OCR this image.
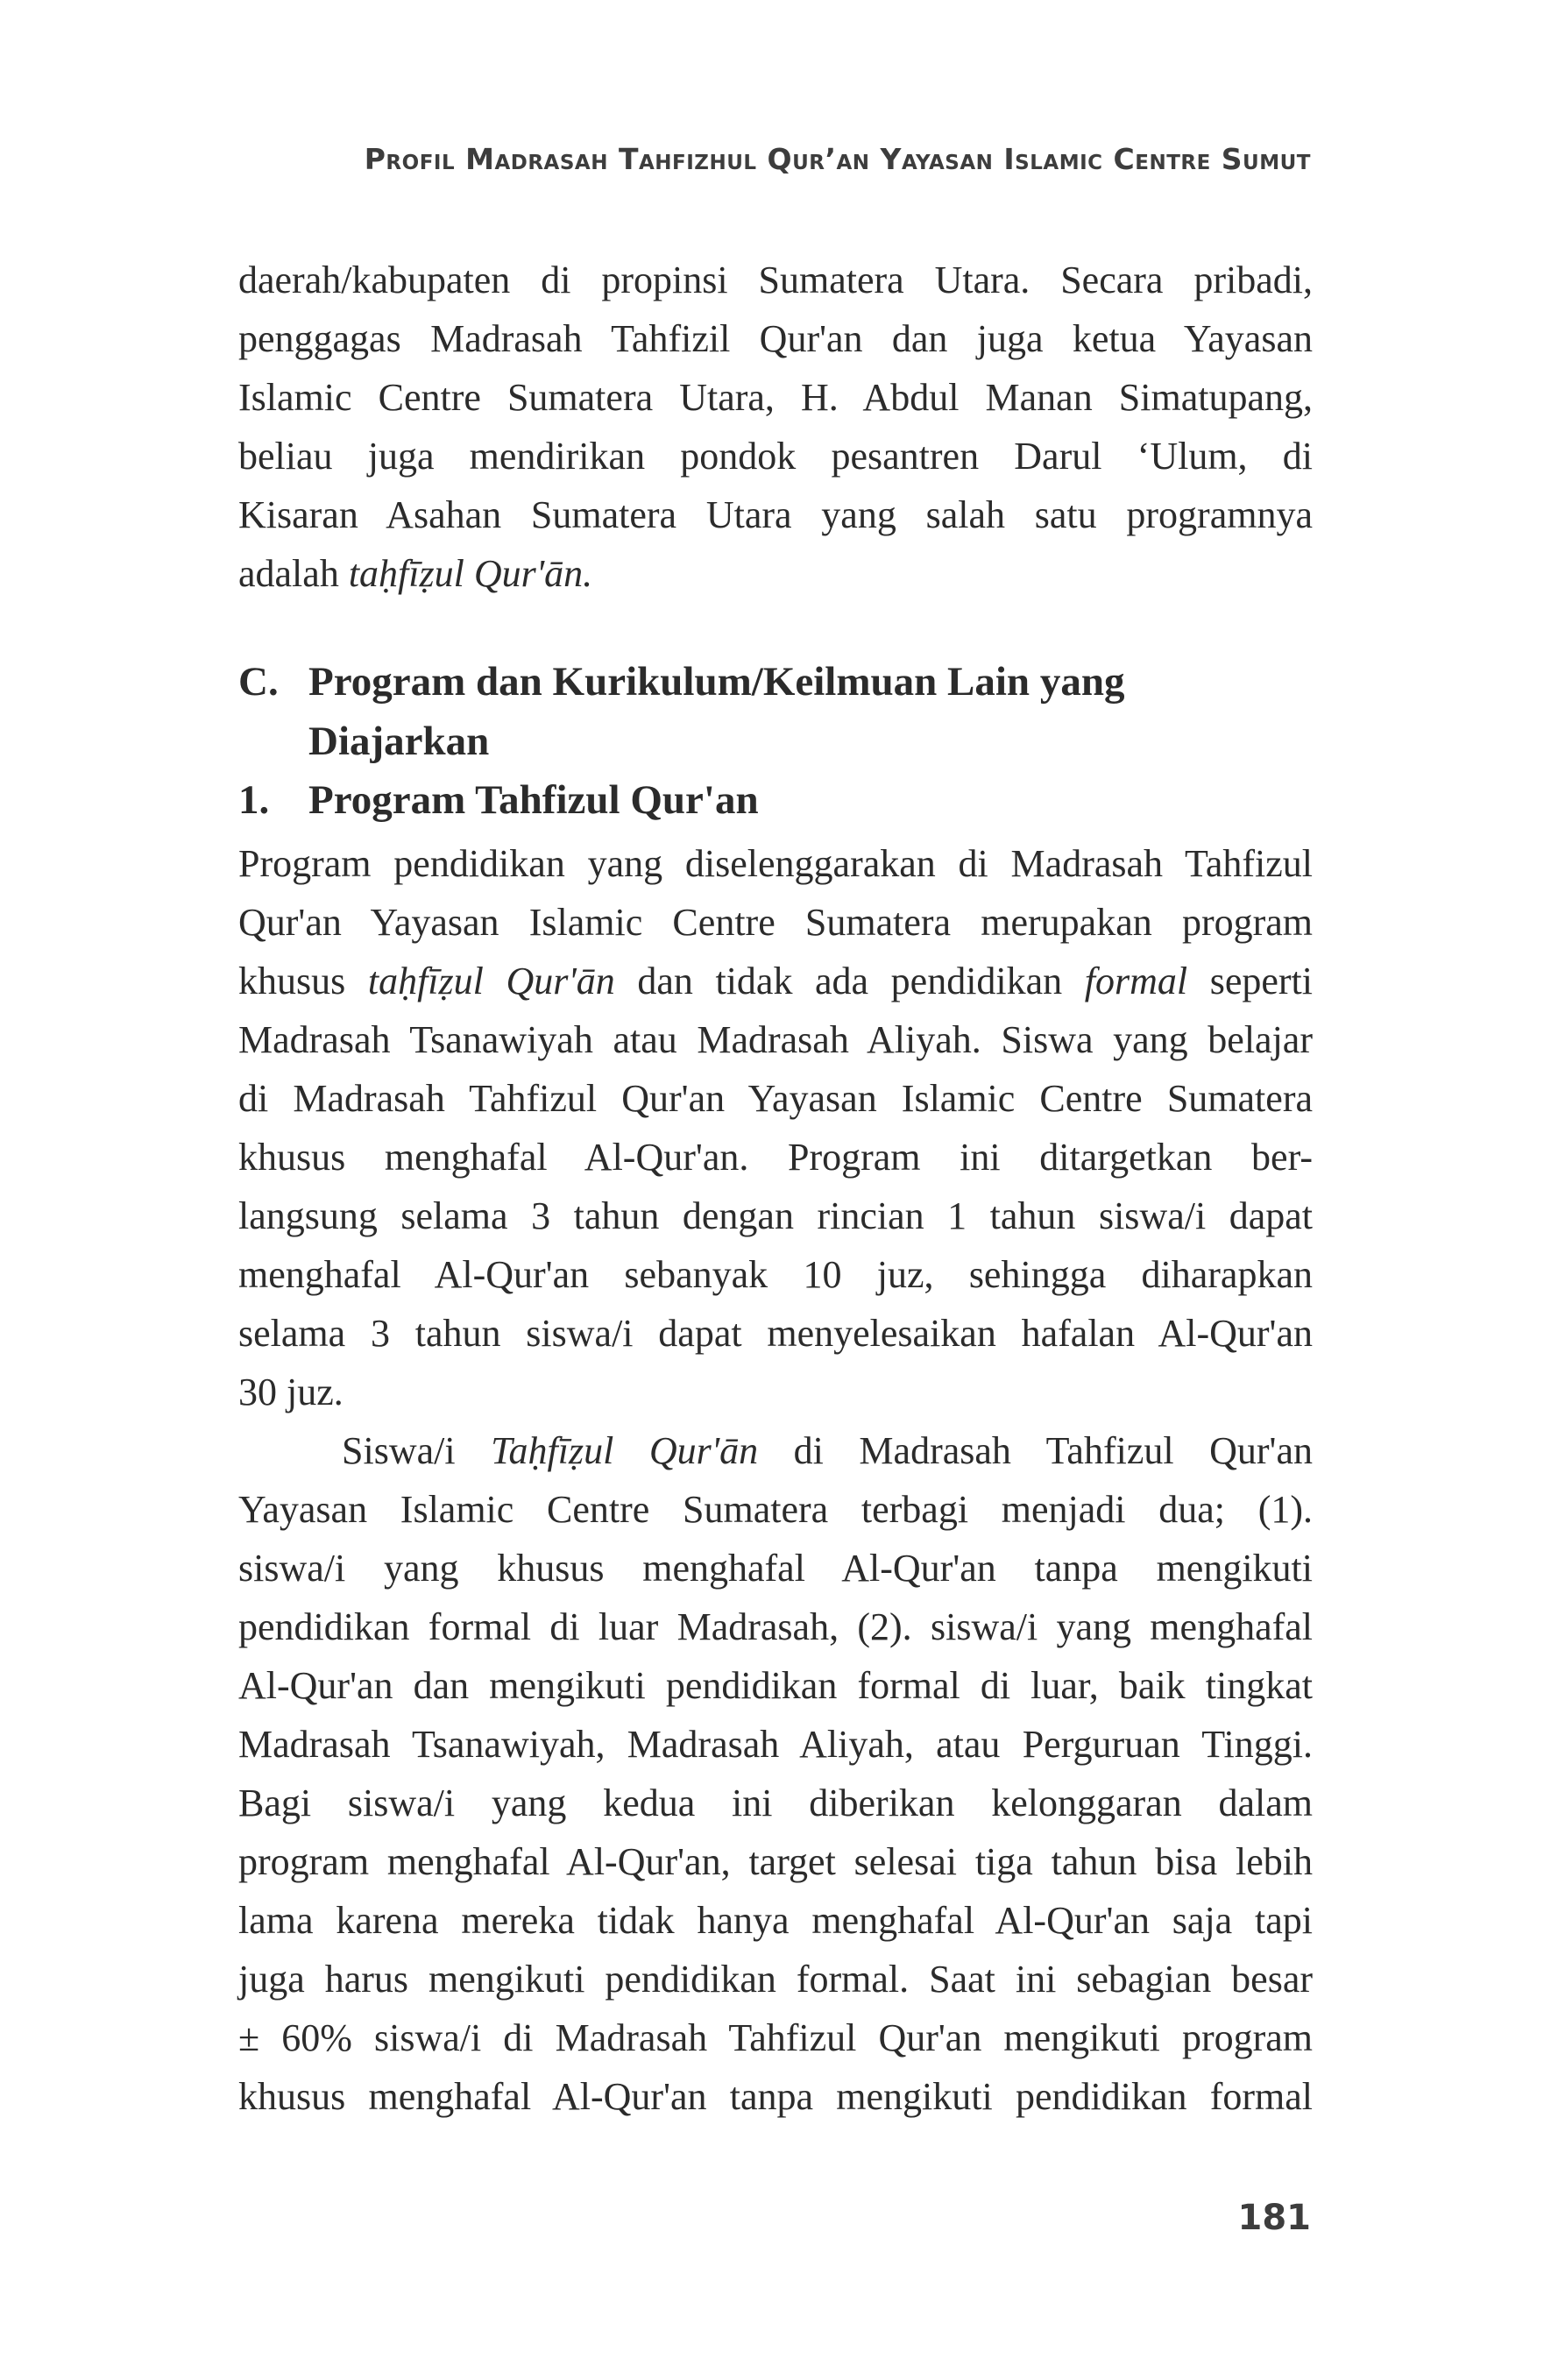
Profil Madrasah Tahfizhul Qur’an Yayasan Islamic Centre Sumut
daerah/kabupaten di propinsi Sumatera Utara. Secara pribadi,
penggagas Madrasah Tahfizil Qur'an dan juga ketua Yayasan
Islamic Centre Sumatera Utara, H. Abdul Manan Simatupang,
beliau juga mendirikan pondok pesantren Darul ‘Ulum, di
Kisaran Asahan Sumatera Utara yang salah satu programnya
adalah taḥfīẓul Qur'ān.
C. Program dan Kurikulum/Keilmuan Lain yang
Diajarkan
1. Program Tahfizul Qur'an
Program pendidikan yang diselenggarakan di Madrasah Tahfizul
Qur'an Yayasan Islamic Centre Sumatera merupakan program
khusus taḥfīẓul Qur'ān dan tidak ada pendidikan formal seperti
Madrasah Tsanawiyah atau Madrasah Aliyah. Siswa yang belajar
di Madrasah Tahfizul Qur'an Yayasan Islamic Centre Sumatera
khusus menghafal Al-Qur'an. Program ini ditargetkan ber-
langsung selama 3 tahun dengan rincian 1 tahun siswa/i dapat
menghafal Al-Qur'an sebanyak 10 juz, sehingga diharapkan
selama 3 tahun siswa/i dapat menyelesaikan hafalan Al-Qur'an
30 juz.
Siswa/i Taḥfīẓul Qur'ān di Madrasah Tahfizul Qur'an
Yayasan Islamic Centre Sumatera terbagi menjadi dua; (1).
siswa/i yang khusus menghafal Al-Qur'an tanpa mengikuti
pendidikan formal di luar Madrasah, (2). siswa/i yang menghafal
Al-Qur'an dan mengikuti pendidikan formal di luar, baik tingkat
Madrasah Tsanawiyah, Madrasah Aliyah, atau Perguruan Tinggi.
Bagi siswa/i yang kedua ini diberikan kelonggaran dalam
program menghafal Al-Qur'an, target selesai tiga tahun bisa lebih
lama karena mereka tidak hanya menghafal Al-Qur'an saja tapi
juga harus mengikuti pendidikan formal. Saat ini sebagian besar
± 60% siswa/i di Madrasah Tahfizul Qur'an mengikuti program
khusus menghafal Al-Qur'an tanpa mengikuti pendidikan formal
181
